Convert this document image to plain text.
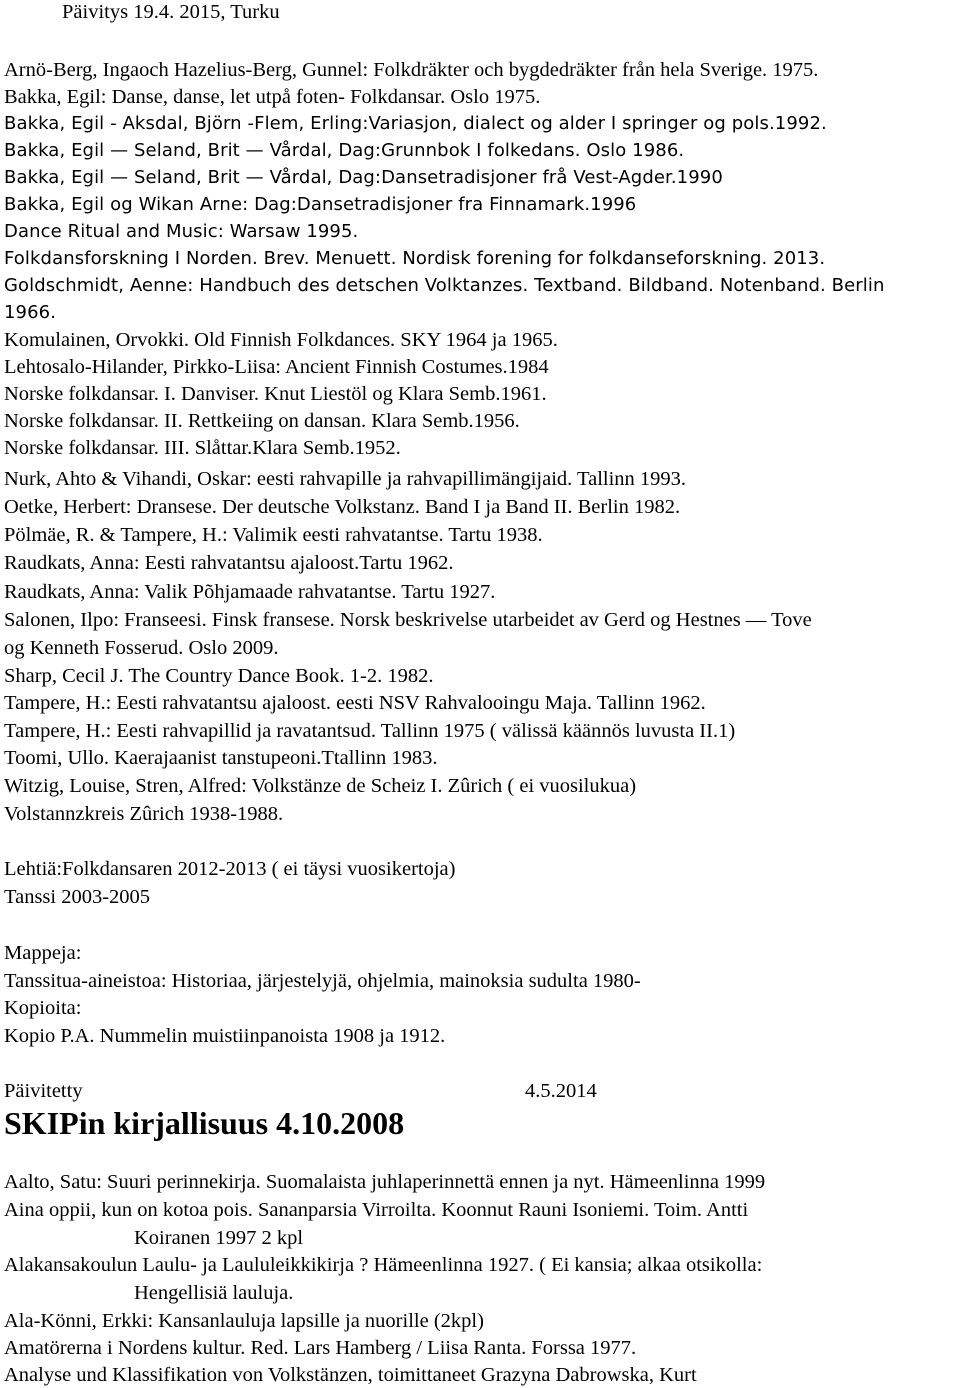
Päivitys 19.4. 2015, Turku
Arnö-Berg, Ingaoch Hazelius-Berg, Gunnel: Folkdräkter och bygdedräkter från hela Sverige. 1975.
Bakka, Egil: Danse, danse, let utpå foten- Folkdansar. Oslo 1975.
Bakka, Egil - Aksdal, Björn -Flem, Erling:Variasjon, dialect og alder I springer og pols.1992.
Bakka, Egil — Seland, Brit — Vårdal, Dag:Grunnbok I folkedans. Oslo 1986.
Bakka, Egil — Seland, Brit — Vårdal, Dag:Dansetradisjoner frå Vest-Agder.1990
Bakka, Egil og Wikan Arne: Dag:Dansetradisjoner fra Finnamark.1996
Dance Ritual and Music: Warsaw 1995.
Folkdansforskning I Norden. Brev. Menuett. Nordisk forening for folkdanseforskning. 2013.
Goldschmidt, Aenne: Handbuch des detschen Volktanzes. Textband. Bildband. Notenband. Berlin
1966.
Komulainen, Orvokki. Old Finnish Folkdances. SKY 1964 ja 1965.
Lehtosalo-Hilander, Pirkko-Liisa: Ancient Finnish Costumes.1984
Norske folkdansar. I. Danviser. Knut Liestöl og Klara Semb.1961.
Norske folkdansar. II. Rettkeiing on dansan. Klara Semb.1956.
Norske folkdansar. III. Slåttar.Klara Semb.1952.
Nurk, Ahto & Vihandi, Oskar: eesti rahvapille ja rahvapillimängijaid. Tallinn 1993.
Oetke, Herbert: Dransese. Der deutsche Volkstanz. Band I ja Band II. Berlin 1982.
Pölmäe, R. & Tampere, H.: Valimik eesti rahvatantse. Tartu 1938.
Raudkats, Anna: Eesti rahvatantsu ajaloost.Tartu 1962.
Raudkats, Anna: Valik Põhjamaade rahvatantse. Tartu 1927.
Salonen, Ilpo: Franseesi. Finsk fransese. Norsk beskrivelse utarbeidet av Gerd og Hestnes — Tove
og Kenneth Fosserud. Oslo 2009.
Sharp, Cecil J. The Country Dance Book. 1-2. 1982.
Tampere, H.: Eesti rahvatantsu ajaloost. eesti NSV Rahvalooingu Maja. Tallinn 1962.
Tampere, H.: Eesti rahvapillid ja ravatantsud. Tallinn 1975 ( välissä käännös luvusta II.1)
Toomi, Ullo. Kaerajaanist tanstupeoni.Ttallinn 1983.
Witzig, Louise, Stren, Alfred: Volkstänze de Scheiz I. Zûrich ( ei vuosilukua)
Volstannzkreis Zûrich 1938-1988.
Lehtiä:Folkdansaren 2012-2013 ( ei täysi vuosikertoja)
Tanssi 2003-2005
Mappeja:
Tanssitua-aineistoa: Historiaa, järjestelyjä, ohjelmia, mainoksia sudulta 1980-
Kopioita:
Kopio P.A. Nummelin muistiinpanoista 1908 ja 1912.
Päivitetty	4.5.2014
SKIPin kirjallisuus 4.10.2008
Aalto, Satu: Suuri perinnekirja. Suomalaista juhlaperinnettä ennen ja nyt. Hämeenlinna 1999
Aina oppii, kun on kotoa pois. Sananparsia Virroilta. Koonnut Rauni Isoniemi. Toim. Antti
Koiranen 1997 2 kpl
Alakansakoulun Laulu- ja Laululeikkikirja ? Hämeenlinna 1927. ( Ei kansia; alkaa otsikolla:
Hengellisiä lauluja.
Ala-Könni, Erkki: Kansanlauluja lapsille ja nuorille (2kpl)
Amatörerna i Nordens kultur. Red. Lars Hamberg / Liisa Ranta. Forssa 1977.
Analyse und Klassifikation von Volkstänzen, toimittaneet Grazyna Dabrowska, Kurt
